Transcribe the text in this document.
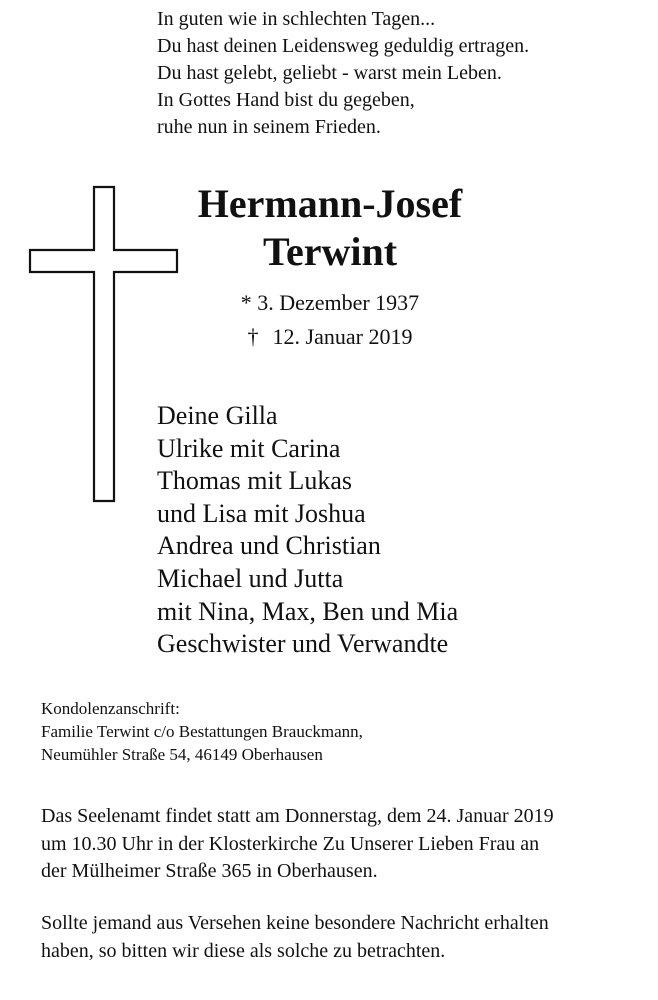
In guten wie in schlechten Tagen...
Du hast deinen Leidensweg geduldig ertragen.
Du hast gelebt, geliebt - warst mein Leben.
In Gottes Hand bist du gegeben,
ruhe nun in seinem Frieden.
Hermann-Josef
Terwint
* 3. Dezember 1937
† 12. Januar 2019
Deine Gilla
Ulrike mit Carina
Thomas mit Lukas
und Lisa mit Joshua
Andrea und Christian
Michael und Jutta
mit Nina, Max, Ben und Mia
Geschwister und Verwandte
Kondolenzanschrift:
Familie Terwint c/o Bestattungen Brauckmann,
Neumühler Straße 54, 46149 Oberhausen
Das Seelenamt findet statt am Donnerstag, dem 24. Januar 2019
um 10.30 Uhr in der Klosterkirche Zu Unserer Lieben Frau an
der Mülheimer Straße 365 in Oberhausen.
Sollte jemand aus Versehen keine besondere Nachricht erhalten
haben, so bitten wir diese als solche zu betrachten.
